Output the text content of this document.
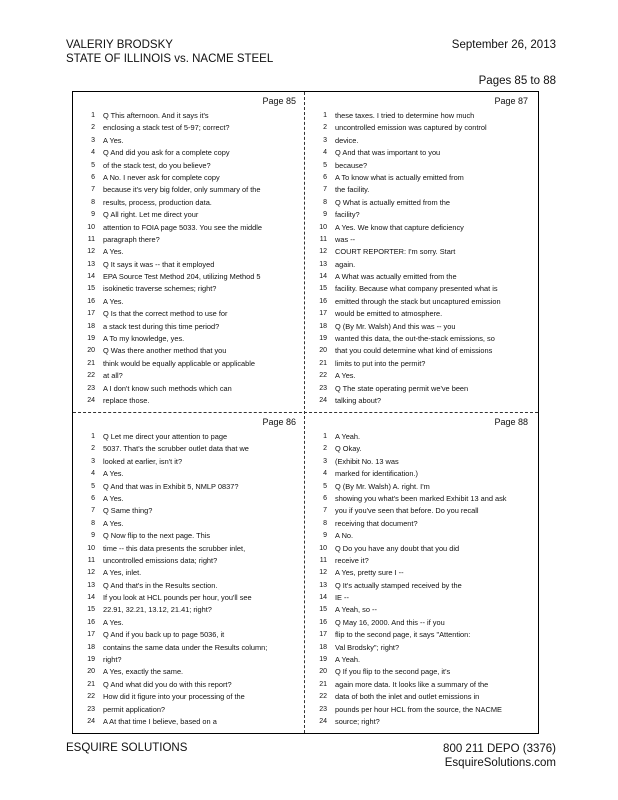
VALERIY BRODSKY
STATE OF ILLINOIS vs. NACME STEEL
September 26, 2013
Pages 85 to 88
Page 85
1 Q This afternoon. And it says it's
2 enclosing a stack test of 5-97; correct?
3 A Yes.
4 Q And did you ask for a complete copy
5 of the stack test, do you believe?
6 A No. I never ask for complete copy
7 because it's very big folder, only summary of the
8 results, process, production data.
9 Q All right. Let me direct your
10 attention to FOIA page 5033. You see the middle
11 paragraph there?
12 A Yes.
13 Q It says it was -- that it employed
14 EPA Source Test Method 204, utilizing Method 5
15 isokinetic traverse schemes; right?
16 A Yes.
17 Q Is that the correct method to use for
18 a stack test during this time period?
19 A To my knowledge, yes.
20 Q Was there another method that you
21 think would be equally applicable or applicable
22 at all?
23 A I don't know such methods which can
24 replace those.
Page 87
1 these taxes. I tried to determine how much
2 uncontrolled emission was captured by control
3 device.
4 Q And that was important to you
5 because?
6 A To know what is actually emitted from
7 the facility.
8 Q What is actually emitted from the
9 facility?
10 A Yes. We know that capture deficiency
11 was --
12 COURT REPORTER: I'm sorry. Start
13 again.
14 A What was actually emitted from the
15 facility. Because what company presented what is
16 emitted through the stack but uncaptured emission
17 would be emitted to atmosphere.
18 Q (By Mr. Walsh) And this was -- you
19 wanted this data, the out-the-stack emissions, so
20 that you could determine what kind of emissions
21 limits to put into the permit?
22 A Yes.
23 Q The state operating permit we've been
24 talking about?
Page 86
1 Q Let me direct your attention to page
2 5037. That's the scrubber outlet data that we
3 looked at earlier, isn't it?
4 A Yes.
5 Q And that was in Exhibit 5, NMLP 0837?
6 A Yes.
7 Q Same thing?
8 A Yes.
9 Q Now flip to the next page. This
10 time -- this data presents the scrubber inlet,
11 uncontrolled emissions data; right?
12 A Yes, inlet.
13 Q And that's in the Results section.
14 If you look at HCL pounds per hour, you'll see
15 22.91, 32.21, 13.12, 21.41; right?
16 A Yes.
17 Q And if you back up to page 5036, it
18 contains the same data under the Results column;
19 right?
20 A Yes, exactly the same.
21 Q And what did you do with this report?
22 How did it figure into your processing of the
23 permit application?
24 A At that time I believe, based on a
Page 88
1 A Yeah.
2 Q Okay.
3 (Exhibit No. 13 was
4 marked for identification.)
5 Q (By Mr. Walsh) A. right. I'm
6 showing you what's been marked Exhibit 13 and ask
7 you if you've seen that before. Do you recall
8 receiving that document?
9 A No.
10 Q Do you have any doubt that you did
11 receive it?
12 A Yes, pretty sure I --
13 Q It's actually stamped received by the
14 IE --
15 A Yeah, so --
16 Q May 16, 2000. And this -- if you
17 flip to the second page, it says "Attention:
18 Val Brodsky"; right?
19 A Yeah.
20 Q If you flip to the second page, it's
21 again more data. It looks like a summary of the
22 data of both the inlet and outlet emissions in
23 pounds per hour HCL from the source, the NACME
24 source; right?
ESQUIRE SOLUTIONS	800 211 DEPO (3376)
EsquireSolutions.com
